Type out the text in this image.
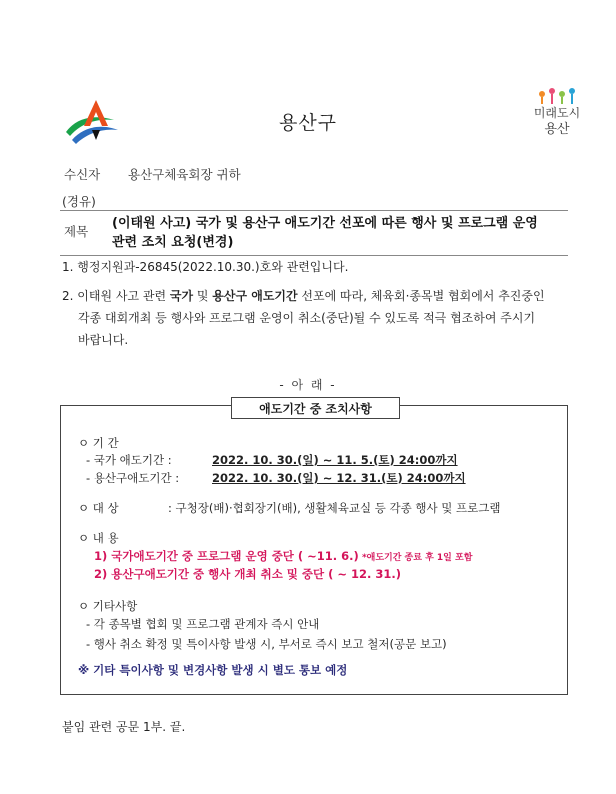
용산구	미래도시
용산
수신자 용산구체육회장 귀하
(경유)
제목
(이태원 사고) 국가 및 용산구 애도기간 선포에 따른 행사 및 프로그램 운영
관련 조치 요청(변경)
1. 행정지원과-26845(2022.10.30.)호와 관련입니다.
2. 이태원 사고 관련 국가 및 용산구 애도기간 선포에 따라, 체육회·종목별 협회에서 추진중인
각종 대회개최 등 행사와 프로그램 운영이 취소(중단)될 수 있도록 적극 협조하여 주시기
바랍니다.
- 아 래 -
애도기간 중 조치사항
ㅇ 기 간
- 국가 애도기간 :	2022. 10. 30.(일) ~ 11. 5.(토) 24:00까지
- 용산구애도기간 :	2022. 10. 30.(일) ~ 12. 31.(토) 24:00까지
ㅇ 대 상	: 구청장(배)·협회장기(배), 생활체육교실 등 각종 행사 및 프로그램
ㅇ 내 용
1) 국가애도기간 중 프로그램 운영 중단 ( ~11. 6.) *애도기간 종료 후 1일 포함
2) 용산구애도기간 중 행사 개최 취소 및 중단 ( ~ 12. 31.)
ㅇ 기타사항
- 각 종목별 협회 및 프로그램 관계자 즉시 안내
- 행사 취소 확정 및 특이사항 발생 시, 부서로 즉시 보고 철저(공문 보고)
※ 기타 특이사항 및 변경사항 발생 시 별도 통보 예정
붙임 관련 공문 1부. 끝.
